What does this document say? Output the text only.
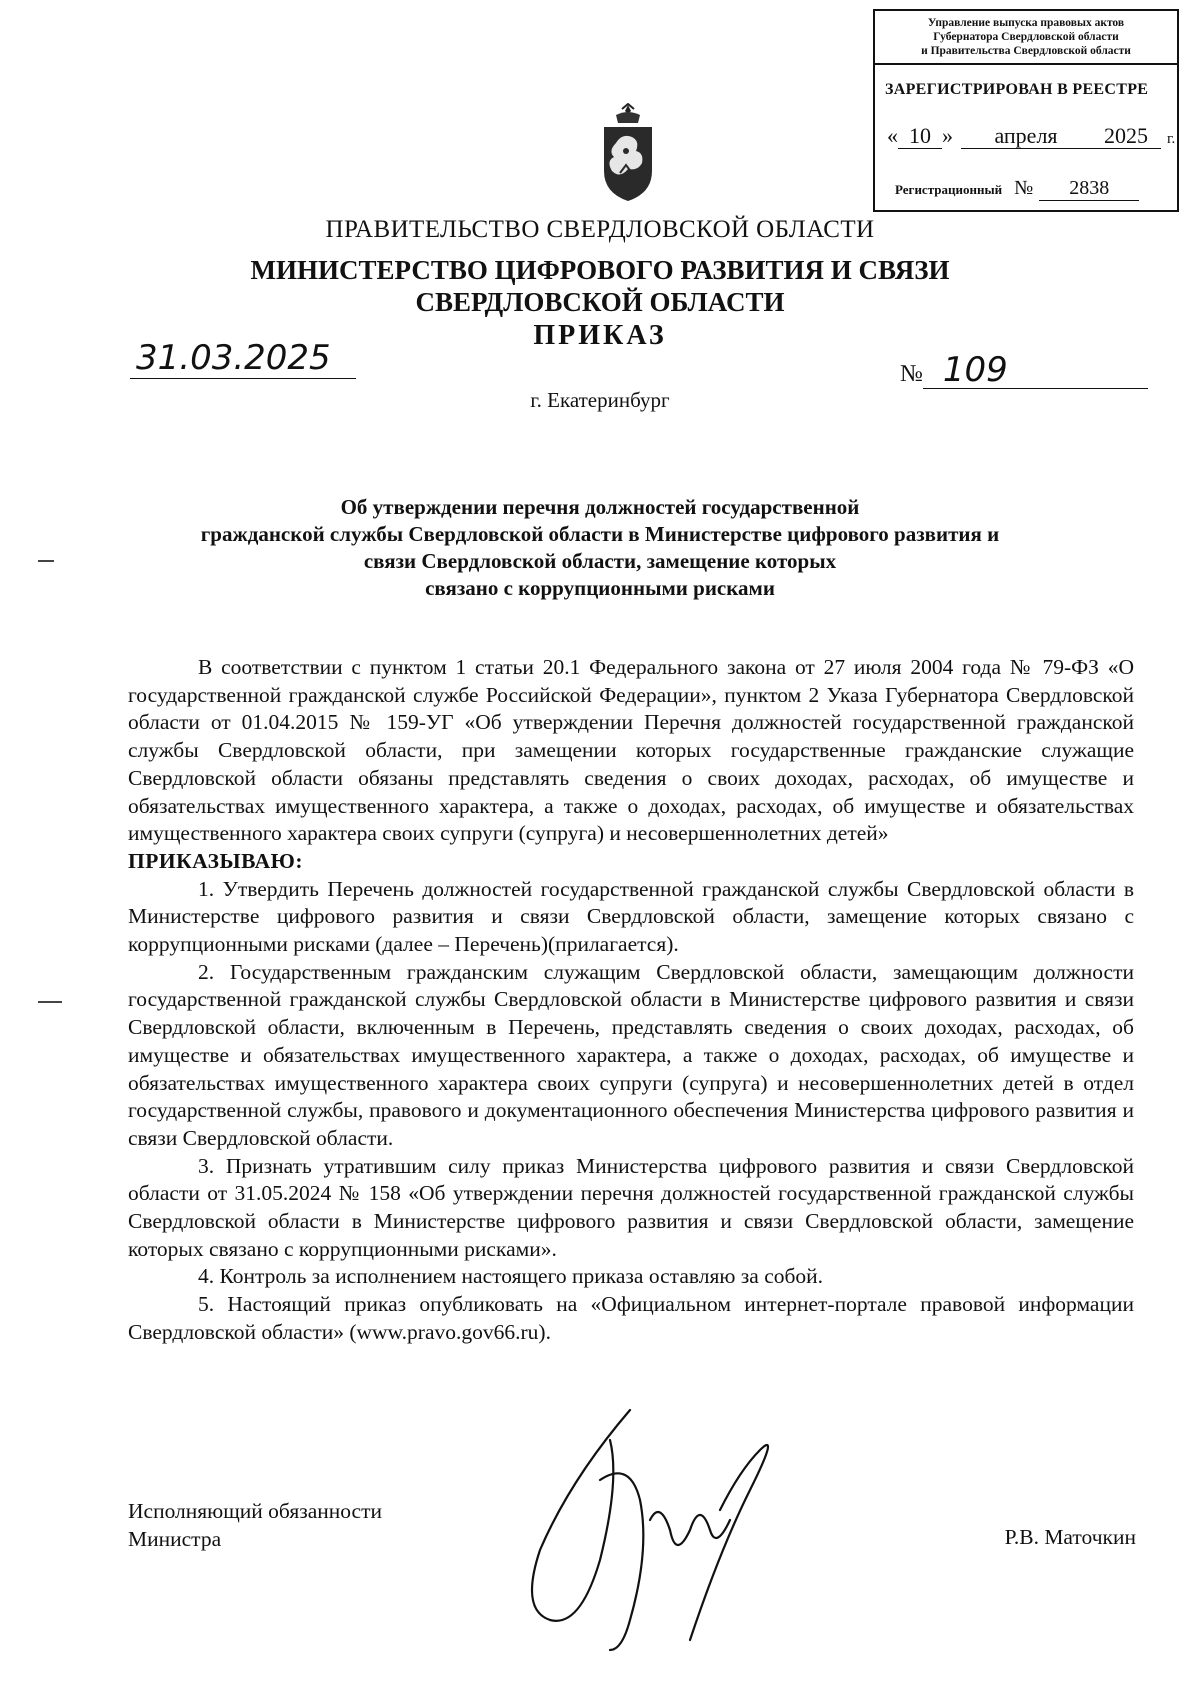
Управление выпуска правовых актов
Губернатора Свердловской области
и Правительства Свердловской области
ЗАРЕГИСТРИРОВАН В РЕЕСТРЕ
« 10 »	апреля	2025	г.
Регистрационный №	2838
ПРАВИТЕЛЬСТВО СВЕРДЛОВСКОЙ ОБЛАСТИ
МИНИСТЕРСТВО ЦИФРОВОГО РАЗВИТИЯ И СВЯЗИ
СВЕРДЛОВСКОЙ ОБЛАСТИ
ПРИКАЗ
31.03.2025	№ 109
г. Екатеринбург
Об утверждении перечня должностей государственной
гражданской службы Свердловской области в Министерстве цифрового развития и
связи Свердловской области, замещение которых
связано с коррупционными рисками

В соответствии с пунктом 1 статьи 20.1 Федерального закона от 27 июля 2004 года № 79-ФЗ «О государственной гражданской службе Российской Федерации», пунктом 2 Указа Губернатора Свердловской области от 01.04.2015 № 159-УГ «Об утверждении Перечня должностей государственной гражданской службы Свердловской области, при замещении которых государственные гражданские служащие Свердловской области обязаны представлять сведения о своих доходах, расходах, об имуществе и обязательствах имущественного характера, а также о доходах, расходах, об имуществе и обязательствах имущественного характера своих супруги (супруга) и несовершеннолетних детей»

ПРИКАЗЫВАЮ:

1. Утвердить Перечень должностей государственной гражданской службы Свердловской области в Министерстве цифрового развития и связи Свердловской области, замещение которых связано с коррупционными рисками (далее – Перечень)(прилагается).

2. Государственным гражданским служащим Свердловской области, замещающим должности государственной гражданской службы Свердловской области в Министерстве цифрового развития и связи Свердловской области, включенным в Перечень, представлять сведения о своих доходах, расходах, об имуществе и обязательствах имущественного характера, а также о доходах, расходах, об имуществе и обязательствах имущественного характера своих супруги (супруга) и несовершеннолетних детей в отдел государственной службы, правового и документационного обеспечения Министерства цифрового развития и связи Свердловской области.

3. Признать утратившим силу приказ Министерства цифрового развития и связи Свердловской области от 31.05.2024 № 158 «Об утверждении перечня должностей государственной гражданской службы Свердловской области в Министерстве цифрового развития и связи Свердловской области, замещение которых связано с коррупционными рисками».

4. Контроль за исполнением настоящего приказа оставляю за собой.

5. Настоящий приказ опубликовать на «Официальном интернет-портале правовой информации Свердловской области» (www.pravo.gov66.ru).

Исполняющий обязанности
Министра	Р.В. Маточкин
